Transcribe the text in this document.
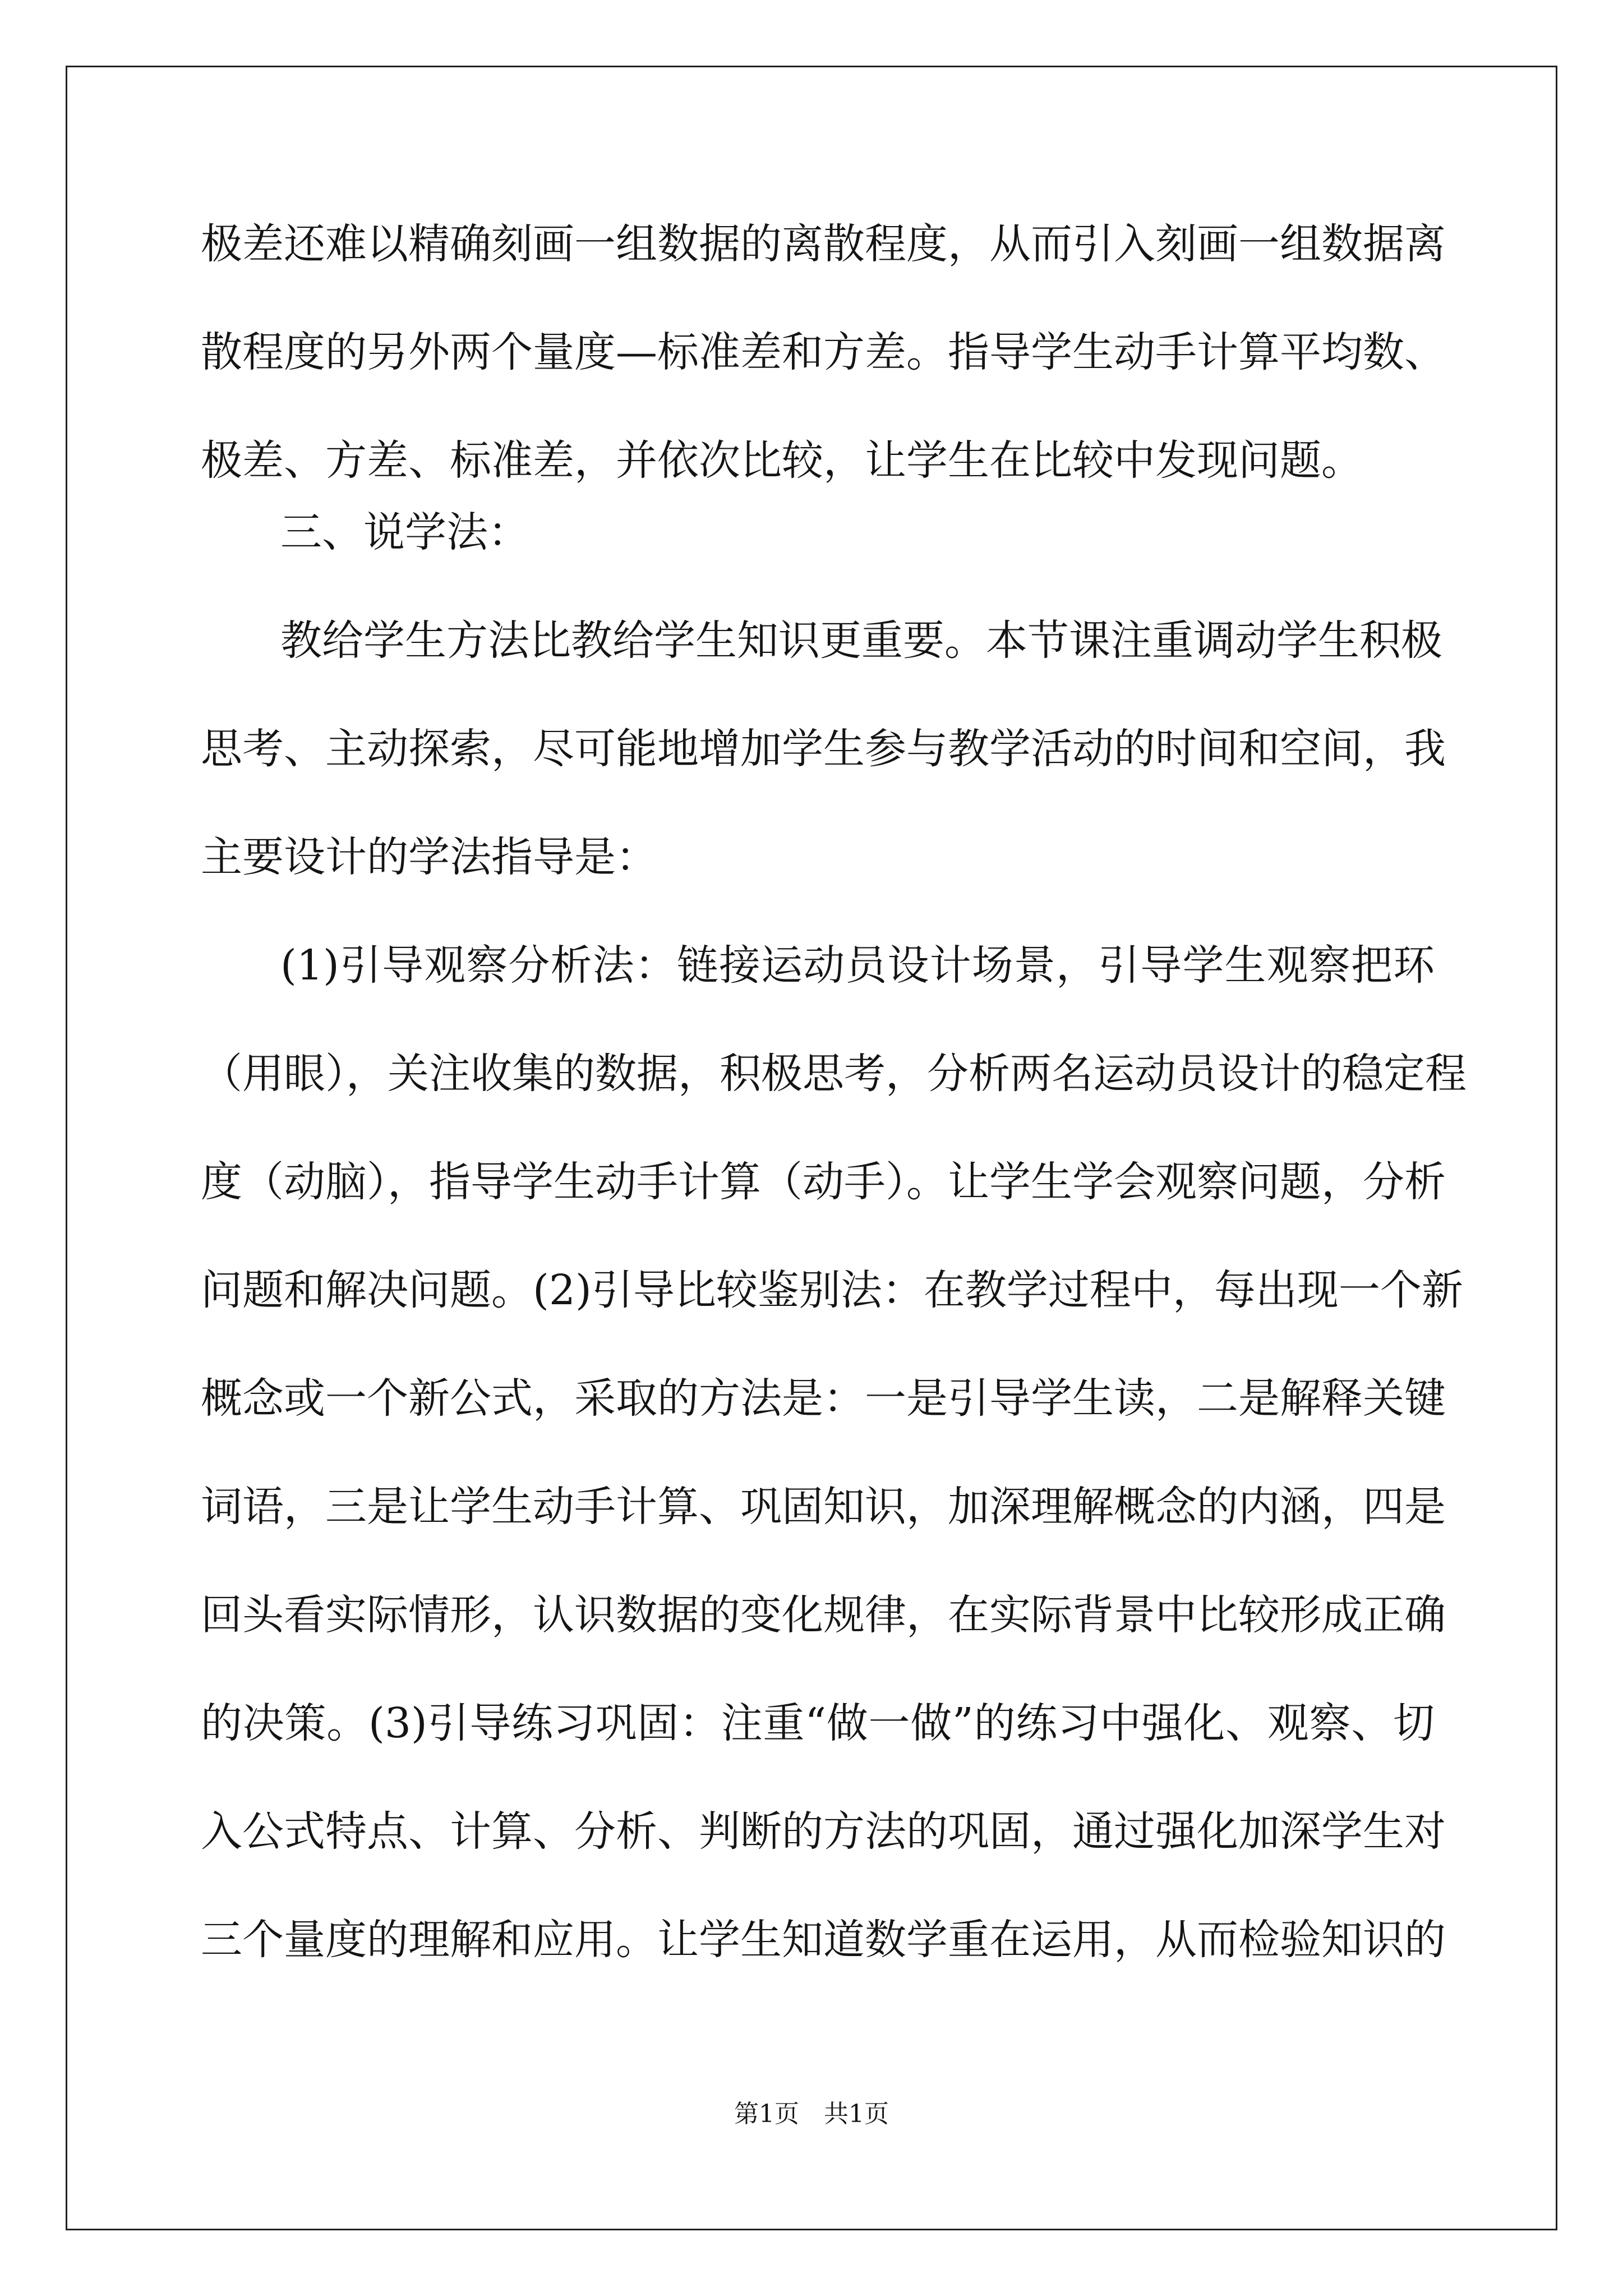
极差还难以精确刻画一组数据的离散程度，从而引入刻画一组数据离
散程度的另外两个量度—标准差和方差。指导学生动手计算平均数、
极差、方差、标准差，并依次比较，让学生在比较中发现问题。
三、说学法：
教给学生方法比教给学生知识更重要。本节课注重调动学生积极
思考、主动探索，尽可能地增加学生参与教学活动的时间和空间，我
主要设计的学法指导是：
(1)引导观察分析法：链接运动员设计场景，引导学生观察把环
（用眼），关注收集的数据，积极思考，分析两名运动员设计的稳定程
度（动脑），指导学生动手计算（动手）。让学生学会观察问题，分析
问题和解决问题。(2)引导比较鉴别法：在教学过程中，每出现一个新
概念或一个新公式，采取的方法是：一是引导学生读，二是解释关键
词语，三是让学生动手计算、巩固知识，加深理解概念的内涵，四是
回头看实际情形，认识数据的变化规律，在实际背景中比较形成正确
的决策。(3)引导练习巩固：注重“做一做”的练习中强化、观察、切
入公式特点、计算、分析、判断的方法的巩固，通过强化加深学生对
三个量度的理解和应用。让学生知道数学重在运用，从而检验知识的
第1页　共1页
